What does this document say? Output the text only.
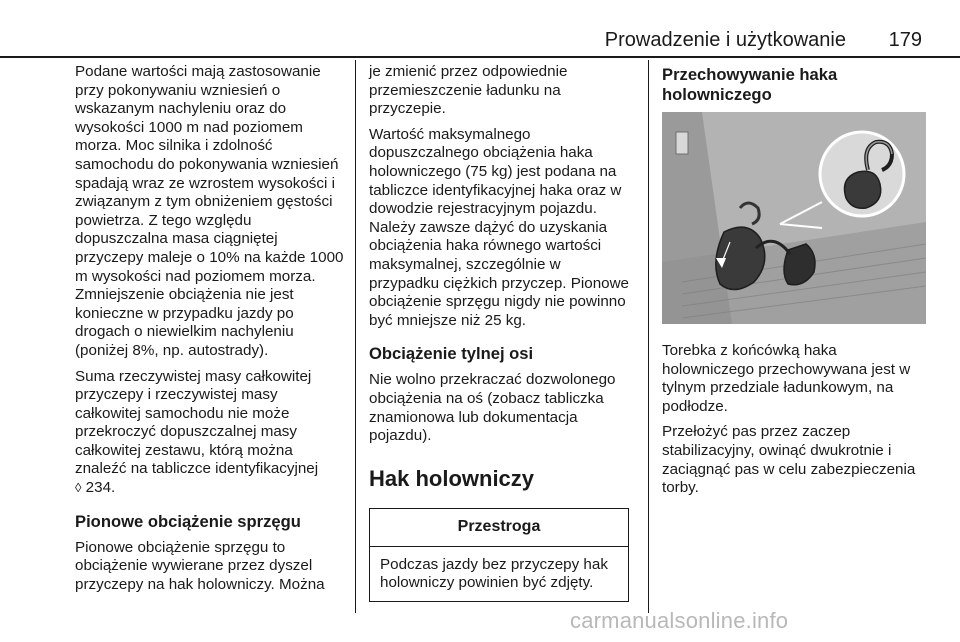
Prowadzenie i użytkowanie	179

Podane wartości mają zastosowanie przy pokonywaniu wzniesień o wskazanym nachyleniu oraz do wysokości 1000 m nad poziomem morza. Moc silnika i zdolność samochodu do pokonywania wzniesień spadają wraz ze wzrostem wysokości i związanym z tym obniżeniem gęstości powietrza. Z tego względu dopuszczalna masa ciągniętej przyczepy maleje o 10% na każde 1000 m wysokości nad poziomem morza. Zmniejszenie obciążenia nie jest konieczne w przypadku jazdy po drogach o niewielkim nachyleniu (poniżej 8%, np. autostrady).

Suma rzeczywistej masy całkowitej przyczepy i rzeczywistej masy całkowitej samochodu nie może przekroczyć dopuszczalnej masy całkowitej zestawu, którą można znaleźć na tabliczce identyfikacyjnej
◊ 234.

Pionowe obciążenie sprzęgu

Pionowe obciążenie sprzęgu to obciążenie wywierane przez dyszel przyczepy na hak holowniczy. Można

je zmienić przez odpowiednie przemieszczenie ładunku na przyczepie.

Wartość maksymalnego dopuszczalnego obciążenia haka holowniczego (75 kg) jest podana na tabliczce identyfikacyjnej haka oraz w dowodzie rejestracyjnym pojazdu. Należy zawsze dążyć do uzyskania obciążenia haka równego wartości maksymalnej, szczególnie w przypadku ciężkich przyczep. Pionowe obciążenie sprzęgu nigdy nie powinno być mniejsze niż 25 kg.

Obciążenie tylnej osi

Nie wolno przekraczać dozwolonego obciążenia na oś (zobacz tabliczka znamionowa lub dokumentacja pojazdu).

Hak holowniczy
Przestroga
Podczas jazdy bez przyczepy hak holowniczy powinien być zdjęty.
Przechowywanie haka holowniczego

Torebka z końcówką haka holowniczego przechowywana jest w tylnym przedziale ładunkowym, na podłodze.

Przełożyć pas przez zaczep stabilizacyjny, owinąć dwukrotnie i zaciągnąć pas w celu zabezpieczenia torby.

carmanualsonline.info
